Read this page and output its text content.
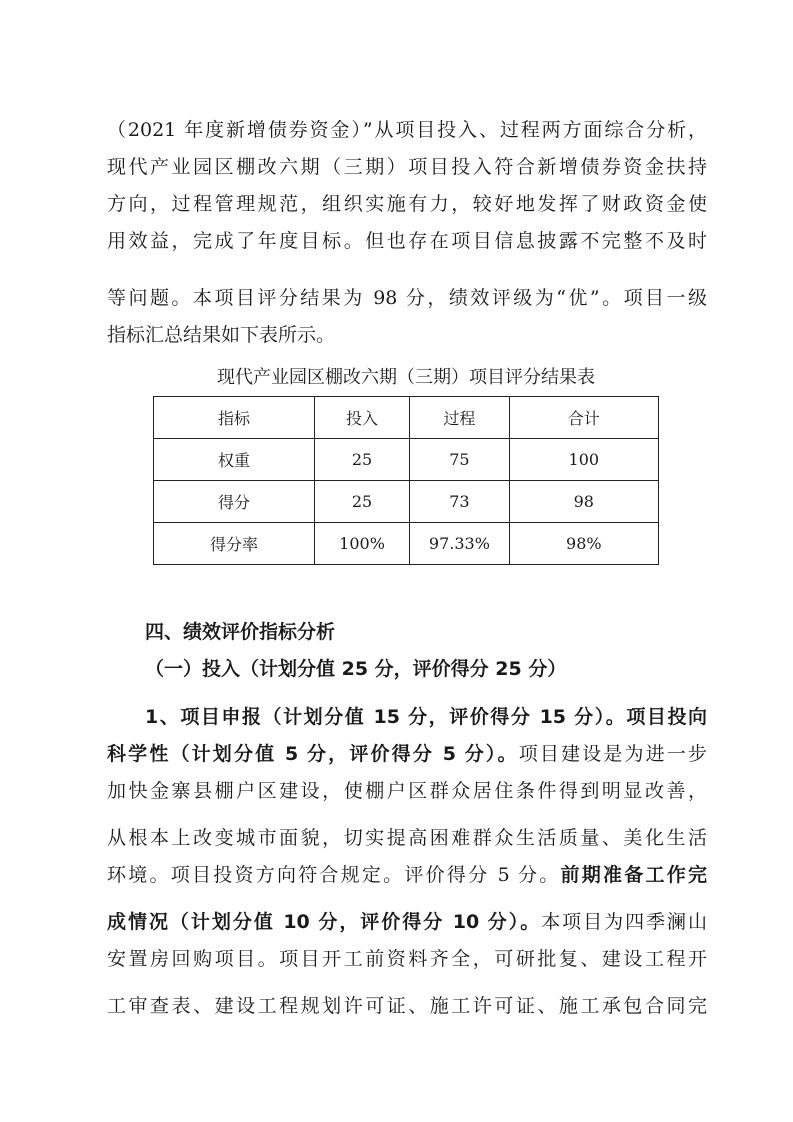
（2021 年度新增债券资金）”从项目投入、过程两方面综合分析，
现代产业园区棚改六期（三期）项目投入符合新增债券资金扶持
方向，过程管理规范，组织实施有力，较好地发挥了财政资金使
用效益，完成了年度目标。但也存在项目信息披露不完整不及时
等问题。本项目评分结果为 98 分，绩效评级为“优”。项目一级
指标汇总结果如下表所示。
现代产业园区棚改六期（三期）项目评分结果表
指标	投入	过程	合计
权重	25	75	100
得分	25	73	98
得分率	100%	97.33%	98%
四、绩效评价指标分析
（一）投入（计划分值 25 分，评价得分 25 分）
1、项目申报（计划分值 15 分，评价得分 15 分）。项目投向
科学性（计划分值 5 分，评价得分 5 分）。项目建设是为进一步
加快金寨县棚户区建设，使棚户区群众居住条件得到明显改善，
从根本上改变城市面貌，切实提高困难群众生活质量、美化生活
环境。项目投资方向符合规定。评价得分 5 分。前期准备工作完
成情况（计划分值 10 分，评价得分 10 分）。本项目为四季澜山
安置房回购项目。项目开工前资料齐全，可研批复、建设工程开
工审查表、建设工程规划许可证、施工许可证、施工承包合同完
